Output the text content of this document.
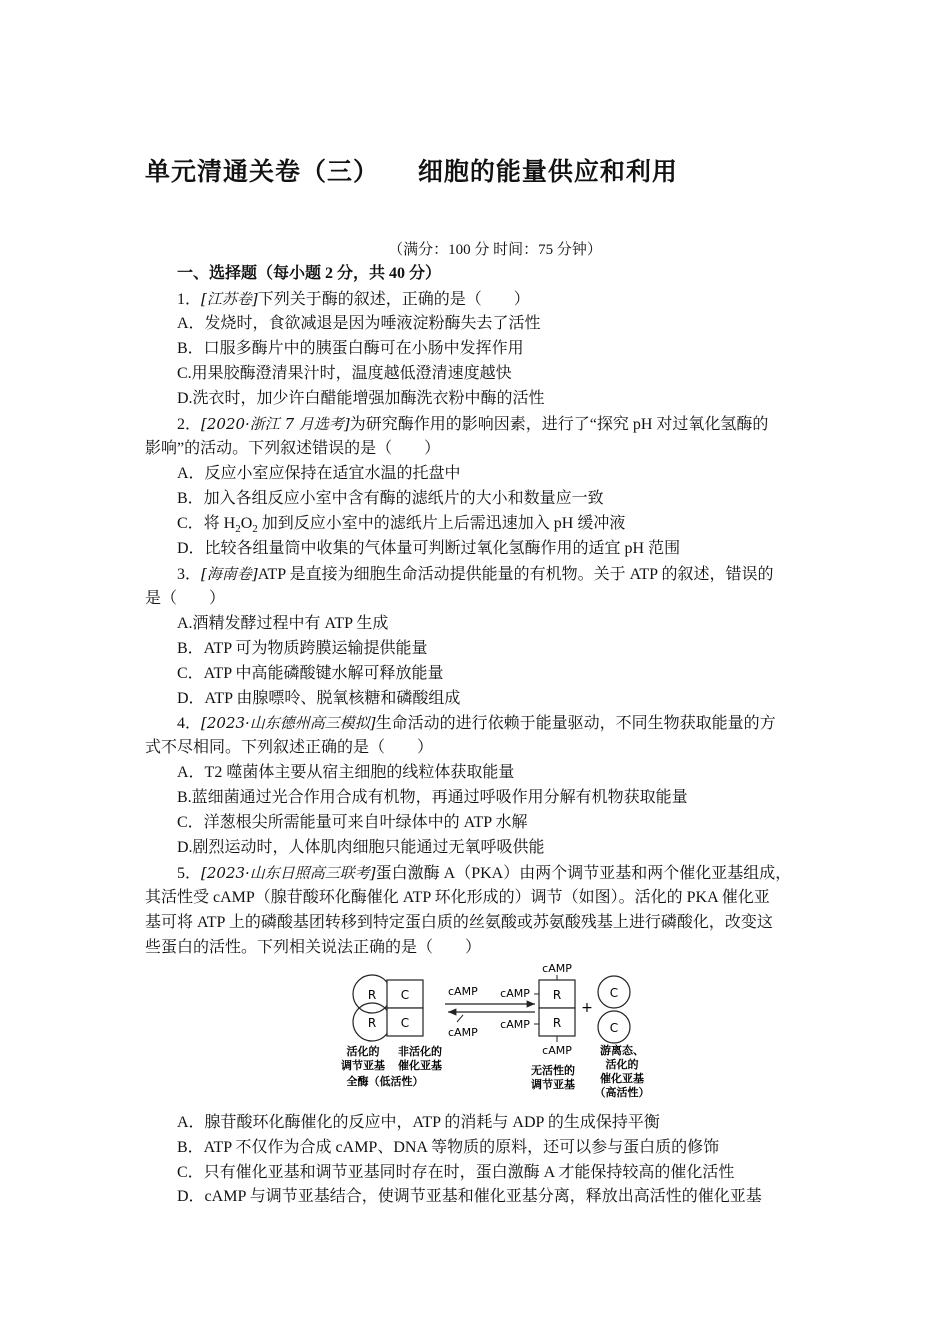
单元清通关卷（三）    细胞的能量供应和利用
（满分：100 分 时间：75 分钟）
一、选择题（每小题 2 分，共 40 分）
1．[江苏卷]下列关于酶的叙述，正确的是（　　）
A．发烧时，食欲减退是因为唾液淀粉酶失去了活性
B．口服多酶片中的胰蛋白酶可在小肠中发挥作用
C.用果胶酶澄清果汁时，温度越低澄清速度越快
D.洗衣时，加少许白醋能增强加酶洗衣粉中酶的活性
2．[2020·浙江 7 月选考]为研究酶作用的影响因素，进行了“探究 pH 对过氧化氢酶的
影响”的活动。下列叙述错误的是（　　）
A．反应小室应保持在适宜水温的托盘中
B．加入各组反应小室中含有酶的滤纸片的大小和数量应一致
C．将 $H_2O_2$ 加到反应小室中的滤纸片上后需迅速加入 pH 缓冲液
D．比较各组量筒中收集的气体量可判断过氧化氢酶作用的适宜 pH 范围
3．[海南卷]ATP 是直接为细胞生命活动提供能量的有机物。关于 ATP 的叙述，错误的
是（　　）
A.酒精发酵过程中有 ATP 生成
B．ATP 可为物质跨膜运输提供能量
C．ATP 中高能磷酸键水解可释放能量
D．ATP 由腺嘌呤、脱氧核糖和磷酸组成
4．[2023·山东德州高三模拟]生命活动的进行依赖于能量驱动，不同生物获取能量的方
式不尽相同。下列叙述正确的是（　　）
A．T2 噬菌体主要从宿主细胞的线粒体获取能量
B.蓝细菌通过光合作用合成有机物，再通过呼吸作用分解有机物获取能量
C．洋葱根尖所需能量可来自叶绿体中的 ATP 水解
D.剧烈运动时，人体肌肉细胞只能通过无氧呼吸供能
5．[2023·山东日照高三联考]蛋白激酶 A（PKA）由两个调节亚基和两个催化亚基组成，
其活性受 cAMP（腺苷酸环化酶催化 ATP 环化形成的）调节（如图）。活化的 PKA 催化亚
基可将 ATP 上的磷酸基团转移到特定蛋白质的丝氨酸或苏氨酸残基上进行磷酸化，改变这
些蛋白的活性。下列相关说法正确的是（　　）
R
R
C
C
活化的
调节亚基
非活化的
催化亚基
全酶（低活性）
cAMP
cAMP
cAMP
R
R
cAMP
cAMP
cAMP
无活性的
调节亚基
+
C
C
游离态、
活化的
催化亚基
（高活性）
A．腺苷酸环化酶催化的反应中，ATP 的消耗与 ADP 的生成保持平衡
B．ATP 不仅作为合成 cAMP、DNA 等物质的原料，还可以参与蛋白质的修饰
C．只有催化亚基和调节亚基同时存在时，蛋白激酶 A 才能保持较高的催化活性
D．cAMP 与调节亚基结合，使调节亚基和催化亚基分离，释放出高活性的催化亚基
